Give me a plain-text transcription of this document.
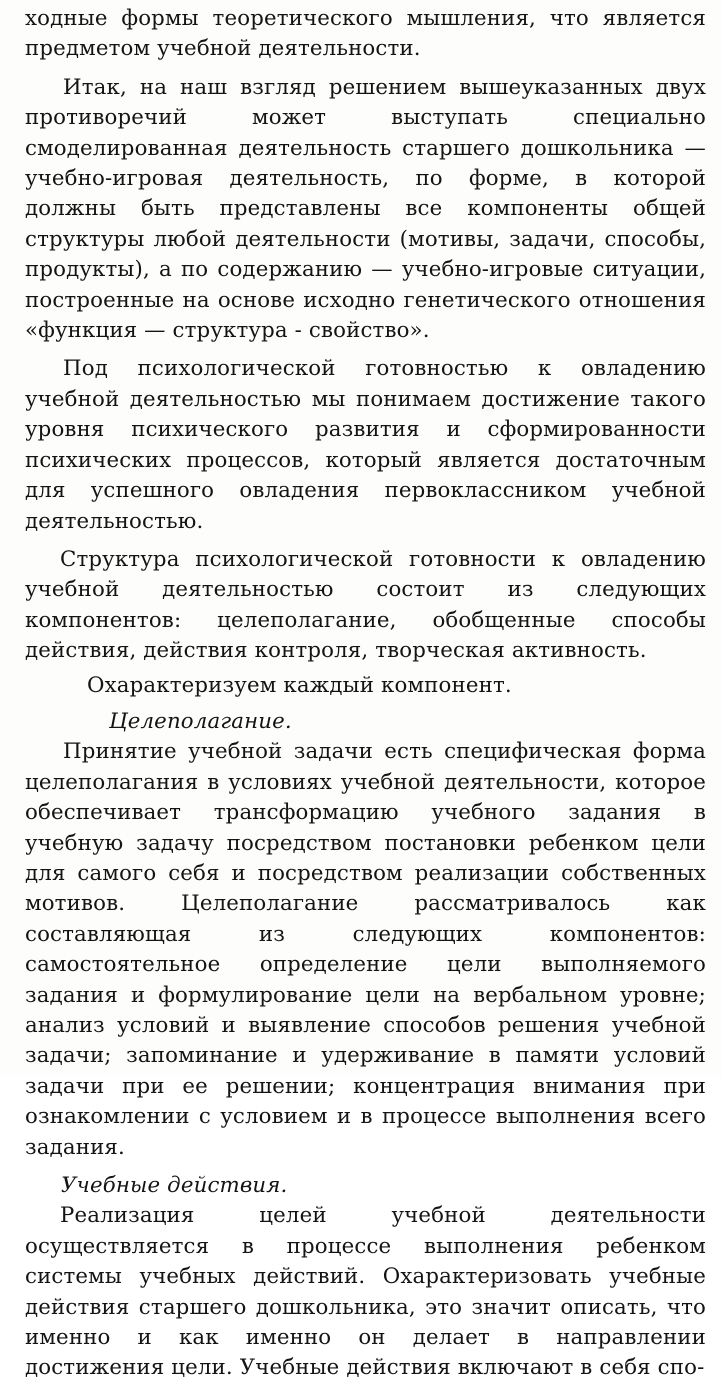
ходные формы теоретического мышления, что является предметом учебной деятельности.

Итак, на наш взгляд решением вышеуказанных двух противоречий может выступать специально смоделированная деятельность старшего дошкольника — учебно-игровая деятельность, по форме, в которой должны быть представлены все компоненты общей структуры любой деятельности (мотивы, задачи, способы, продукты), а по содержанию — учебно-игровые ситуации, построенные на основе исходно генетического отношения «функция — структура - свойство».

Под психологической готовностью к овладению учебной деятельностью мы понимаем достижение такого уровня психического развития и сформированности психических процессов, который является достаточным для успешного овладения первоклассником учебной деятельностью.

Структура психологической готовности к овладению учебной деятельностью состоит из следующих компонентов: целеполагание, обобщенные способы действия, действия контроля, творческая активность.

Охарактеризуем каждый компонент.

Целеполагание.

Принятие учебной задачи есть специфическая форма целеполагания в условиях учебной деятельности, которое обеспечивает трансформацию учебного задания в учебную задачу посредством постановки ребенком цели для самого себя и посредством реализации собственных мотивов. Целеполагание рассматривалось как составляющая из следующих компонентов: самостоятельное определение цели выполняемого задания и формулирование цели на вербальном уровне; анализ условий и выявление способов решения учебной задачи; запоминание и удерживание в памяти условий задачи при ее решении; концентрация внимания при ознакомлении с условием и в процессе выполнения всего задания.

Учебные действия.

Реализация целей учебной деятельности осуществляется в процессе выполнения ребенком системы учебных действий. Охарактеризовать учебные действия старшего дошкольника, это значит описать, что именно и как именно он делает в направлении достижения цели. Учебные действия включают в себя спо-
